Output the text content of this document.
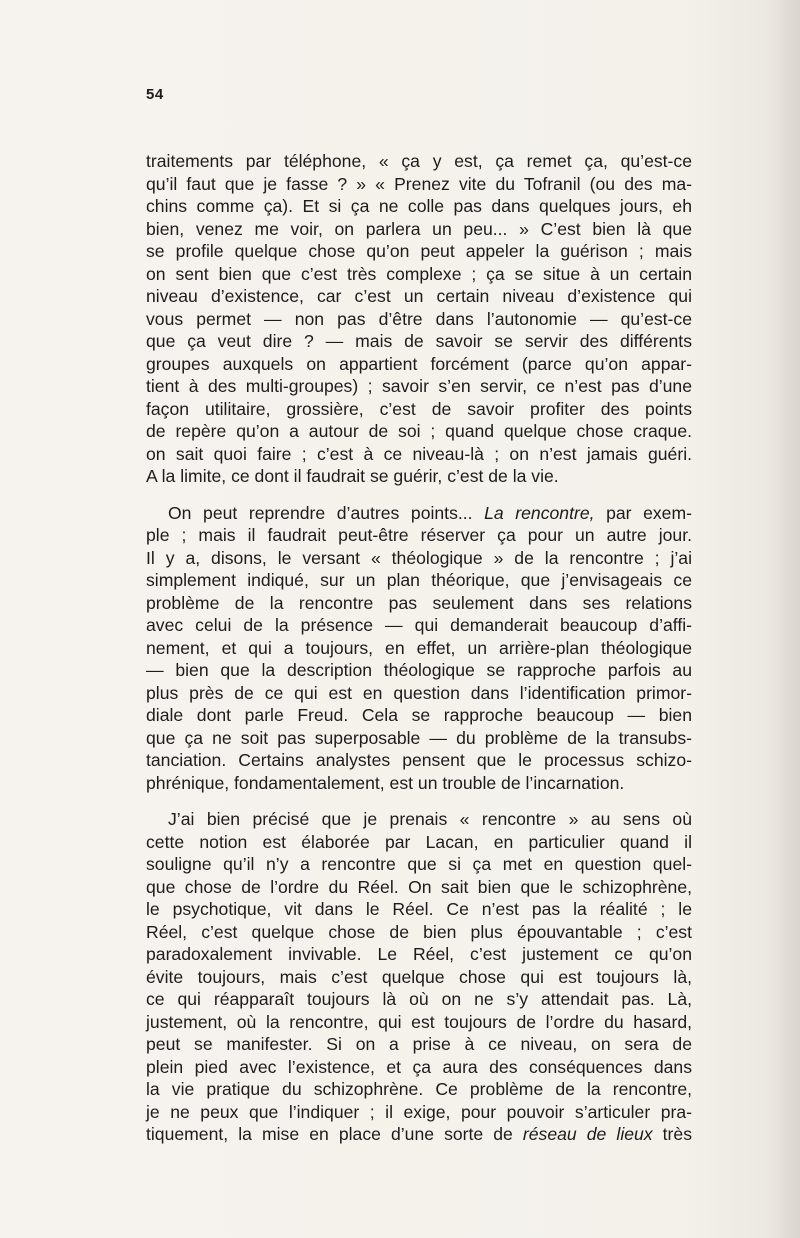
54
traitements par téléphone, « ça y est, ça remet ça, qu’est-ce
qu’il faut que je fasse ? » « Prenez vite du Tofranil (ou des ma-
chins comme ça). Et si ça ne colle pas dans quelques jours, eh
bien, venez me voir, on parlera un peu... » C’est bien là que
se profile quelque chose qu’on peut appeler la guérison ; mais
on sent bien que c’est très complexe ; ça se situe à un certain
niveau d’existence, car c’est un certain niveau d’existence qui
vous permet — non pas d’être dans l’autonomie — qu’est-ce
que ça veut dire ? — mais de savoir se servir des différents
groupes auxquels on appartient forcément (parce qu’on appar-
tient à des multi-groupes) ; savoir s’en servir, ce n’est pas d’une
façon utilitaire, grossière, c’est de savoir profiter des points
de repère qu’on a autour de soi ; quand quelque chose craque.
on sait quoi faire ; c’est à ce niveau-là ; on n’est jamais guéri.
A la limite, ce dont il faudrait se guérir, c’est de la vie.
On peut reprendre d’autres points... La rencontre, par exem-
ple ; mais il faudrait peut-être réserver ça pour un autre jour.
Il y a, disons, le versant « théologique » de la rencontre ; j’ai
simplement indiqué, sur un plan théorique, que j’envisageais ce
problème de la rencontre pas seulement dans ses relations
avec celui de la présence — qui demanderait beaucoup d’affi-
nement, et qui a toujours, en effet, un arrière-plan théologique
— bien que la description théologique se rapproche parfois au
plus près de ce qui est en question dans l’identification primor-
diale dont parle Freud. Cela se rapproche beaucoup — bien
que ça ne soit pas superposable — du problème de la transubs-
tanciation. Certains analystes pensent que le processus schizo-
phrénique, fondamentalement, est un trouble de l’incarnation.
J’ai bien précisé que je prenais « rencontre » au sens où
cette notion est élaborée par Lacan, en particulier quand il
souligne qu’il n’y a rencontre que si ça met en question quel-
que chose de l’ordre du Réel. On sait bien que le schizophrène,
le psychotique, vit dans le Réel. Ce n’est pas la réalité ; le
Réel, c’est quelque chose de bien plus épouvantable ; c’est
paradoxalement invivable. Le Réel, c’est justement ce qu’on
évite toujours, mais c’est quelque chose qui est toujours là,
ce qui réapparaît toujours là où on ne s’y attendait pas. Là,
justement, où la rencontre, qui est toujours de l’ordre du hasard,
peut se manifester. Si on a prise à ce niveau, on sera de
plein pied avec l’existence, et ça aura des conséquences dans
la vie pratique du schizophrène. Ce problème de la rencontre,
je ne peux que l’indiquer ; il exige, pour pouvoir s’articuler pra-
tiquement, la mise en place d’une sorte de réseau de lieux très
